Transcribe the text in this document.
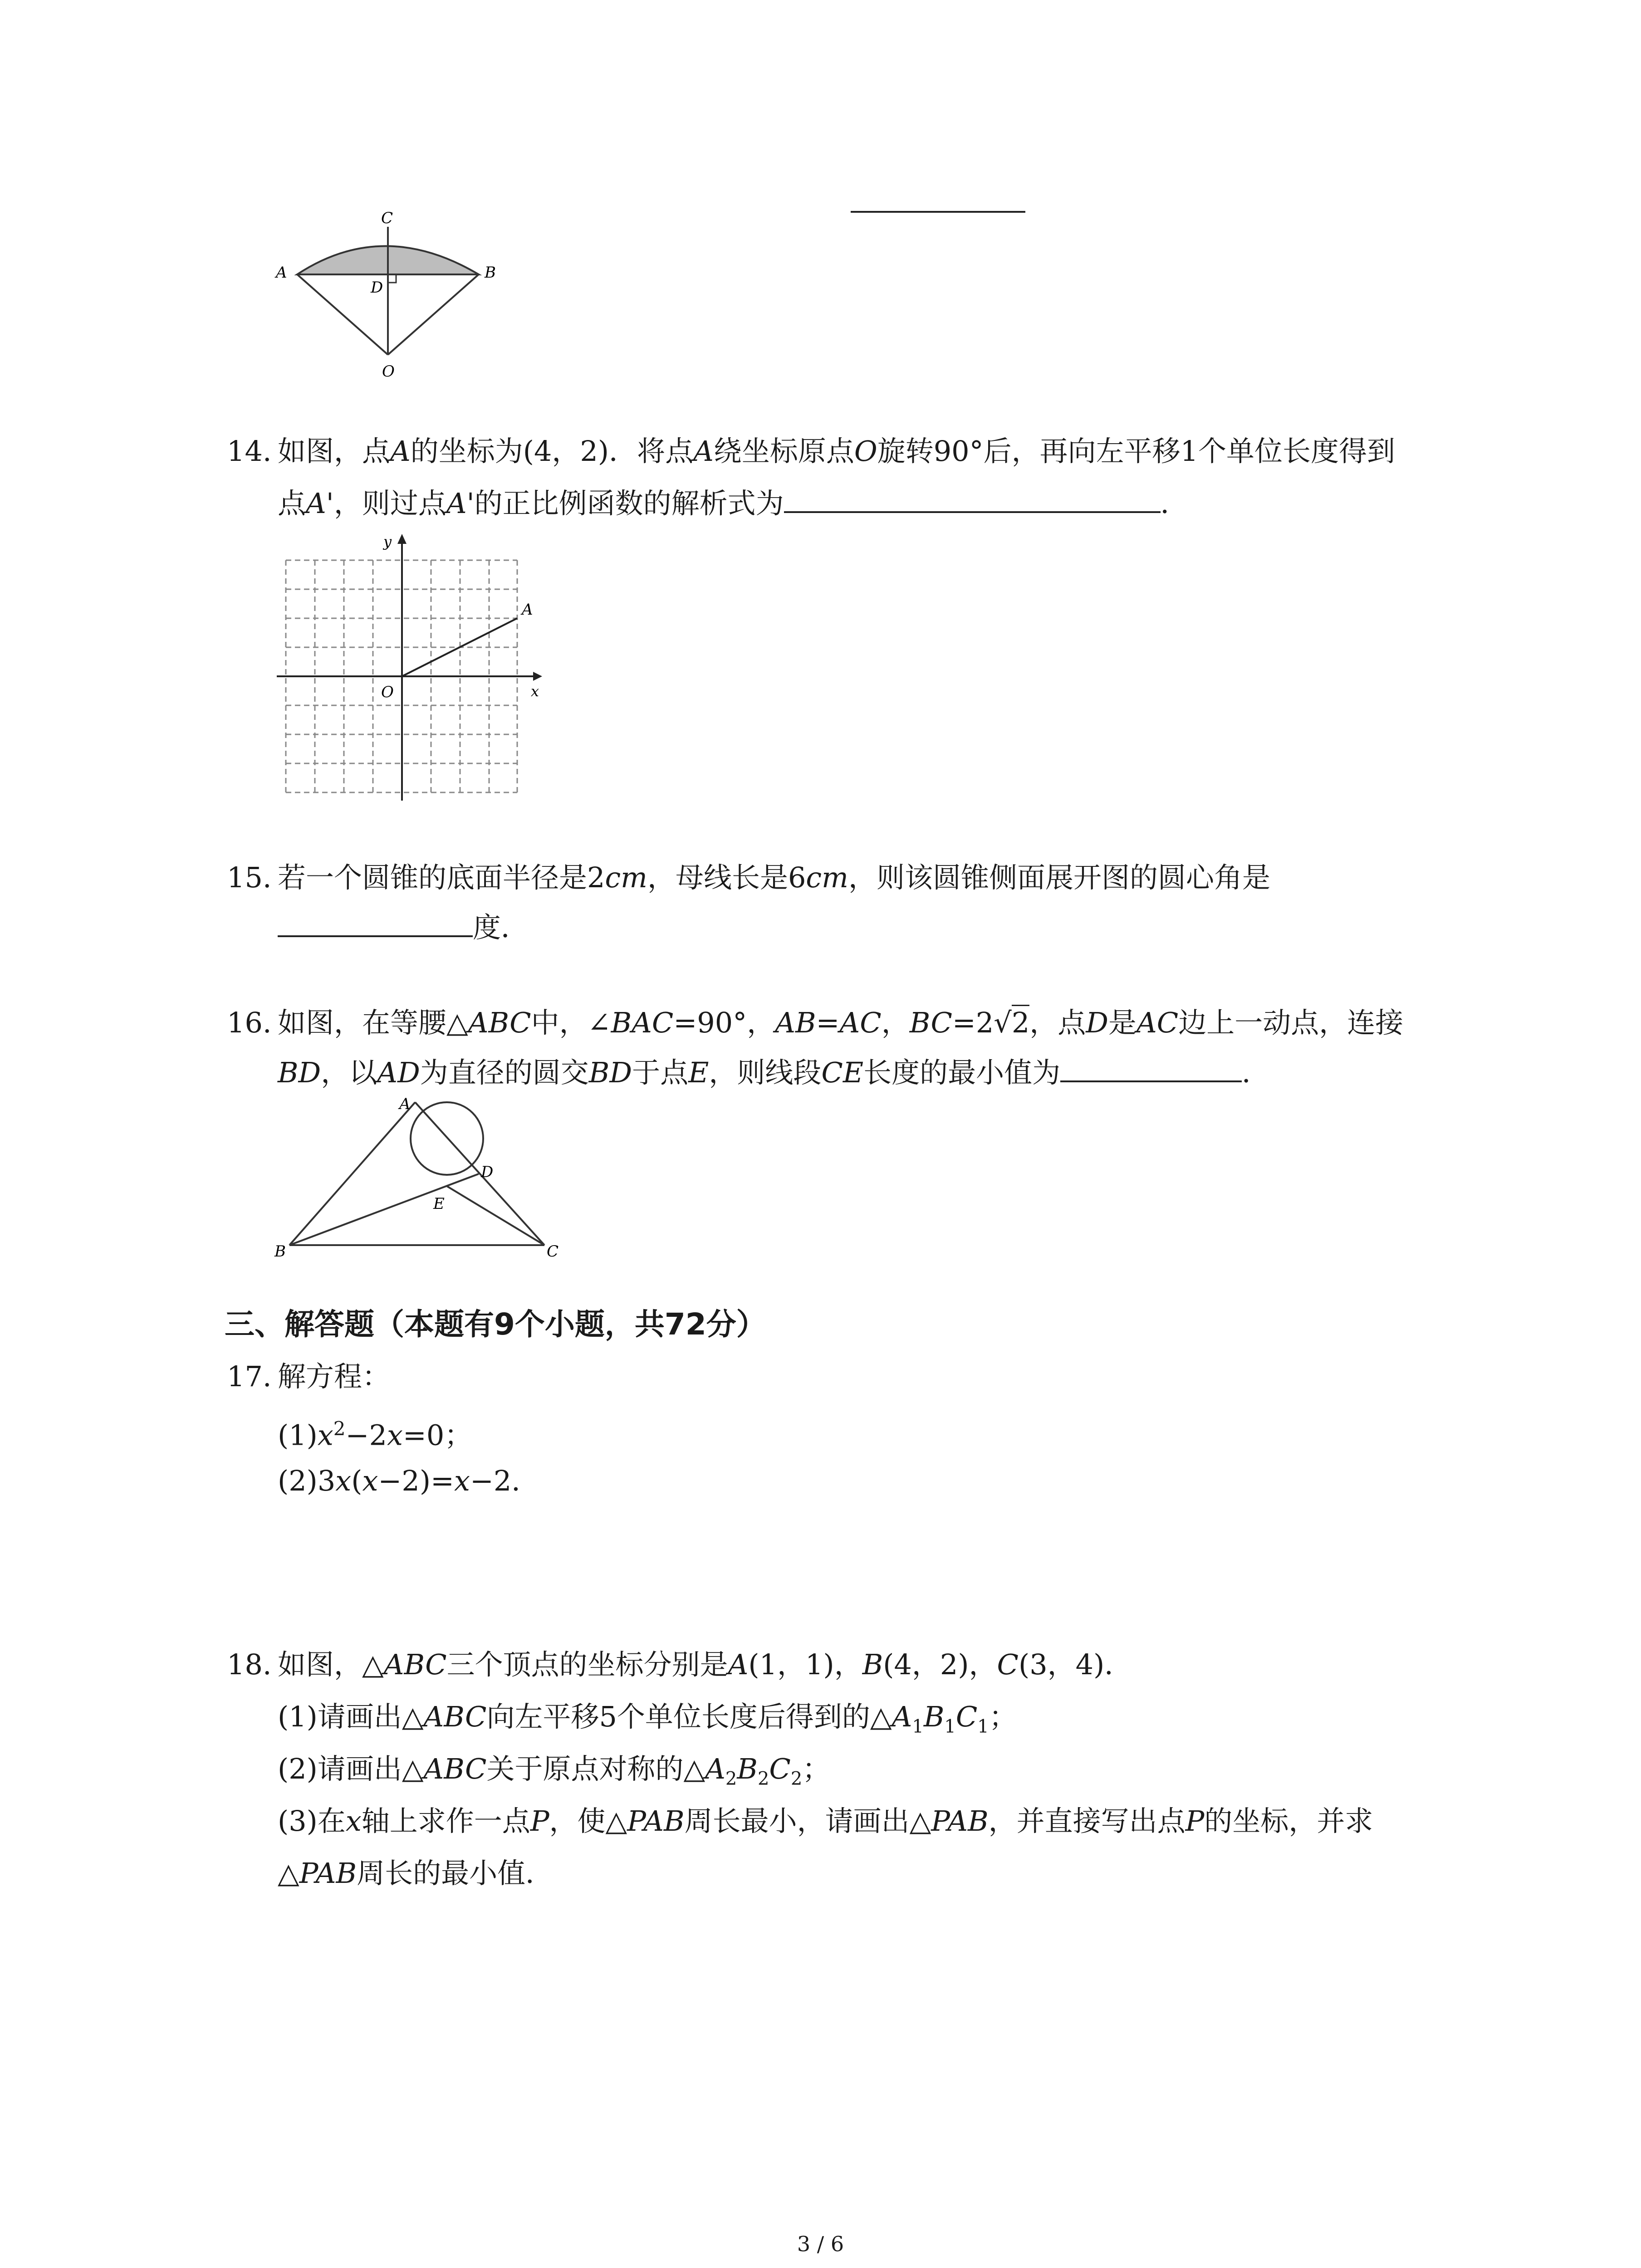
C
A	B
D
O
14. 如图，点A的坐标为(4，2)．将点A绕坐标原点O旋转90°后，再向左平移1个单位长度得到
点A'，则过点A'的正比例函数的解析式为	．
y
x
O
A
15. 若一个圆锥的底面半径是2cm，母线长是6cm，则该圆锥侧面展开图的圆心角是
度．
16. 如图，在等腰△ABC中，∠BAC=90°，AB=AC，BC=2√2，点D是AC边上一动点，连接
BD，以AD为直径的圆交BD于点E，则线段CE长度的最小值为	．
A
D
E
B	C
三、解答题（本题有9个小题，共72分）
17. 解方程：
$(1)x^2-2x=0$；
(2)3x(x−2)=x−2．
18. 如图，△ABC三个顶点的坐标分别是A(1，1)，B(4，2)，C(3，4)．
(1)请画出△ABC向左平移5个单位长度后得到的$\triangle A_1B_1C_1$；
(2)请画出△ABC关于原点对称的$\triangle A_2B_2C_2$；
(3)在x轴上求作一点P，使△PAB周长最小，请画出△PAB，并直接写出点P的坐标，并求
△PAB周长的最小值．
3 / 6
